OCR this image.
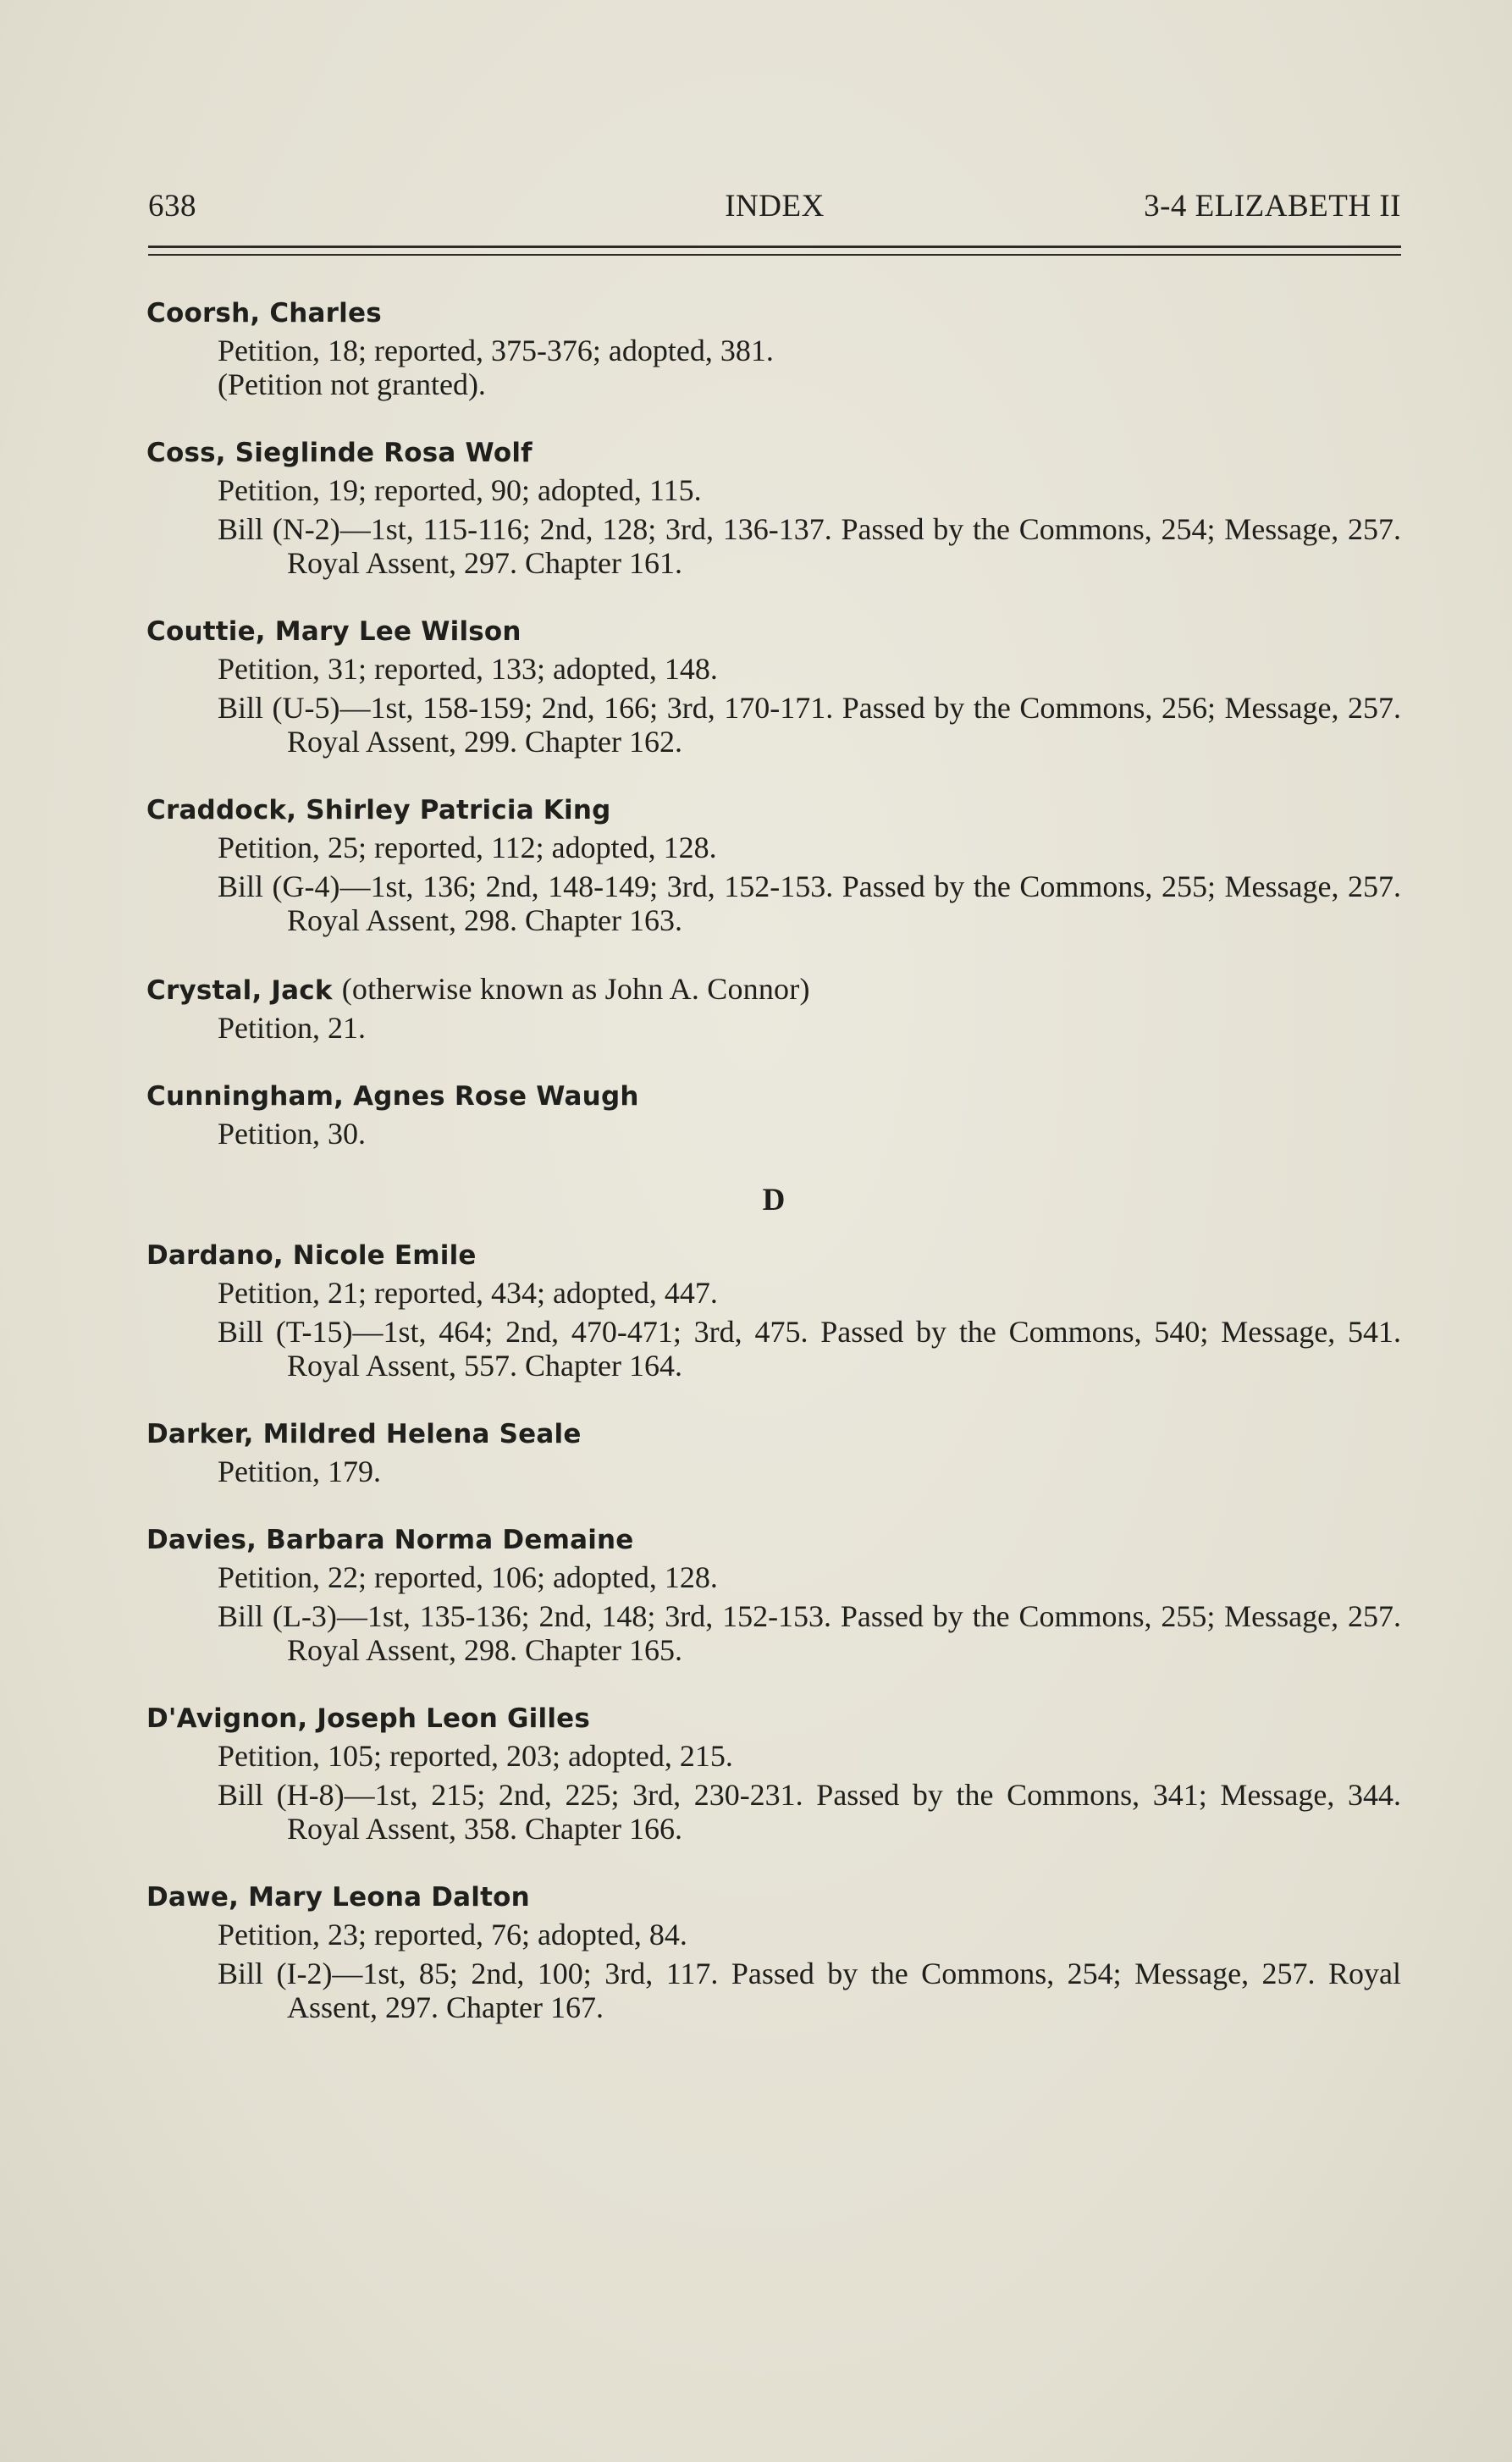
638	INDEX	3-4 ELIZABETH II
Coorsh, Charles
Petition, 18; reported, 375-376; adopted, 381.
(Petition not granted).
Coss, Sieglinde Rosa Wolf
Petition, 19; reported, 90; adopted, 115.
Bill (N-2)—1st, 115-116; 2nd, 128; 3rd, 136-137. Passed by the Commons, 254; Message, 257. Royal Assent, 297. Chapter 161.
Couttie, Mary Lee Wilson
Petition, 31; reported, 133; adopted, 148.
Bill (U-5)—1st, 158-159; 2nd, 166; 3rd, 170-171. Passed by the Commons, 256; Message, 257. Royal Assent, 299. Chapter 162.
Craddock, Shirley Patricia King
Petition, 25; reported, 112; adopted, 128.
Bill (G-4)—1st, 136; 2nd, 148-149; 3rd, 152-153. Passed by the Commons, 255; Message, 257. Royal Assent, 298. Chapter 163.
Crystal, Jack (otherwise known as John A. Connor)
Petition, 21.
Cunningham, Agnes Rose Waugh
Petition, 30.
D
Dardano, Nicole Emile
Petition, 21; reported, 434; adopted, 447.
Bill (T-15)—1st, 464; 2nd, 470-471; 3rd, 475. Passed by the Commons, 540; Message, 541. Royal Assent, 557. Chapter 164.
Darker, Mildred Helena Seale
Petition, 179.
Davies, Barbara Norma Demaine
Petition, 22; reported, 106; adopted, 128.
Bill (L-3)—1st, 135-136; 2nd, 148; 3rd, 152-153. Passed by the Commons, 255; Message, 257. Royal Assent, 298. Chapter 165.
D'Avignon, Joseph Leon Gilles
Petition, 105; reported, 203; adopted, 215.
Bill (H-8)—1st, 215; 2nd, 225; 3rd, 230-231. Passed by the Commons, 341; Message, 344. Royal Assent, 358. Chapter 166.
Dawe, Mary Leona Dalton
Petition, 23; reported, 76; adopted, 84.
Bill (I-2)—1st, 85; 2nd, 100; 3rd, 117. Passed by the Commons, 254; Message, 257. Royal Assent, 297. Chapter 167.
